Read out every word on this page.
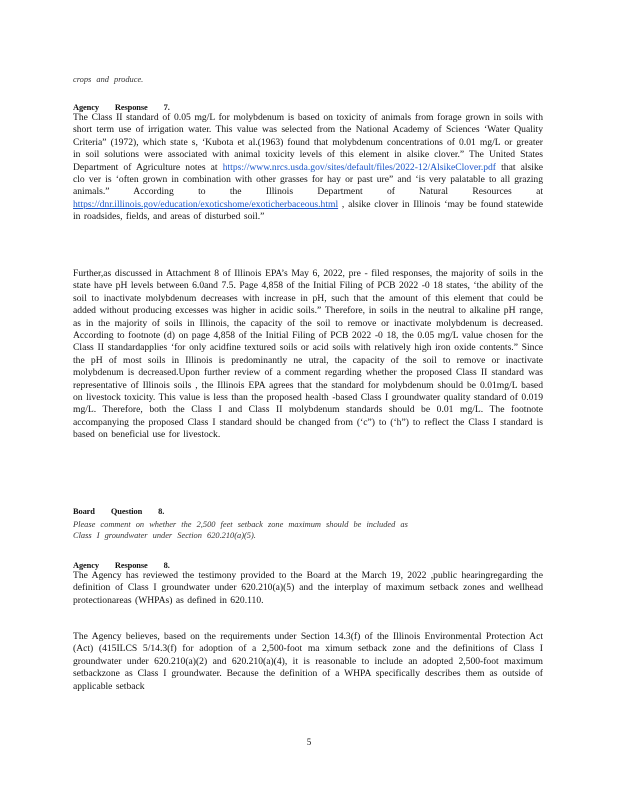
crops and produce.

Agency Response 7.

The Class II standard of 0.05 mg/L for molybdenum is based on toxicity of animals from forage grown in soils with short term use of irrigation water. This value was selected from the National Academy of Sciences ‘Water Quality Criteria” (1972), which state s, ‘Kubota et al.(1963) found that molybdenum concentrations of 0.01 mg/L or greater in soil solutions were associated with animal toxicity levels of this element in alsike clover.” The United States Department of Agriculture notes at https://www.nrcs.usda.gov/sites/default/files/2022-12/AlsikeClover.pdf that alsike clo ver is ‘often grown in combination with other grasses for hay or past ure” and ‘is very palatable to all grazing animals.” According to the Illinois Department of Natural Resources at https://dnr.illinois.gov/education/exoticshome/exoticherbaceous.html , alsike clover in Illinois ‘may be found statewide in roadsides, fields, and areas of disturbed soil.”

Further,as discussed in Attachment 8 of Illinois EPA’s May 6, 2022, pre - filed responses, the majority of soils in the state have pH levels between 6.0and 7.5. Page 4,858 of the Initial Filing of PCB 2022 -0 18 states, ‘the ability of the soil to inactivate molybdenum decreases with increase in pH, such that the amount of this element that could be added without producing excesses was higher in acidic soils.” Therefore, in soils in the neutral to alkaline pH range, as in the majority of soils in Illinois, the capacity of the soil to remove or inactivate molybdenum is decreased. According to footnote (d) on page 4,858 of the Initial Filing of PCB 2022 -0 18, the 0.05 mg/L value chosen for the Class II standardapplies ‘for only acidfine textured soils or acid soils with relatively high iron oxide contents.” Since the pH of most soils in Illinois is predominantly ne utral, the capacity of the soil to remove or inactivate molybdenum is decreased.Upon further review of a comment regarding whether the proposed Class II standard was representative of Illinois soils , the Illinois EPA agrees that the standard for molybdenum should be 0.01mg/L based on livestock toxicity. This value is less than the proposed health -based Class I groundwater quality standard of 0.019 mg/L. Therefore, both the Class I and Class II molybdenum standards should be 0.01 mg/L. The footnote accompanying the proposed Class I standard should be changed from (‘c”) to (‘h”) to reflect the Class I standard is based on beneficial use for livestock.

Board Question 8.

Please comment on whether the 2,500 feet setback zone maximum should be included as

Class I groundwater under Section 620.210(a)(5).

Agency Response 8.

The Agency has reviewed the testimony provided to the Board at the March 19, 2022 ,public hearingregarding the definition of Class I groundwater under 620.210(a)(5) and the interplay of maximum setback zones and wellhead protectionareas (WHPAs) as defined in 620.110.

The Agency believes, based on the requirements under Section 14.3(f) of the Illinois Environmental Protection Act (Act) (415ILCS 5/14.3(f) for adoption of a 2,500-foot ma ximum setback zone and the definitions of Class I groundwater under 620.210(a)(2) and 620.210(a)(4), it is reasonable to include an adopted 2,500-foot maximum setbackzone as Class I groundwater. Because the definition of a WHPA specifically describes them as outside of applicable setback

5
